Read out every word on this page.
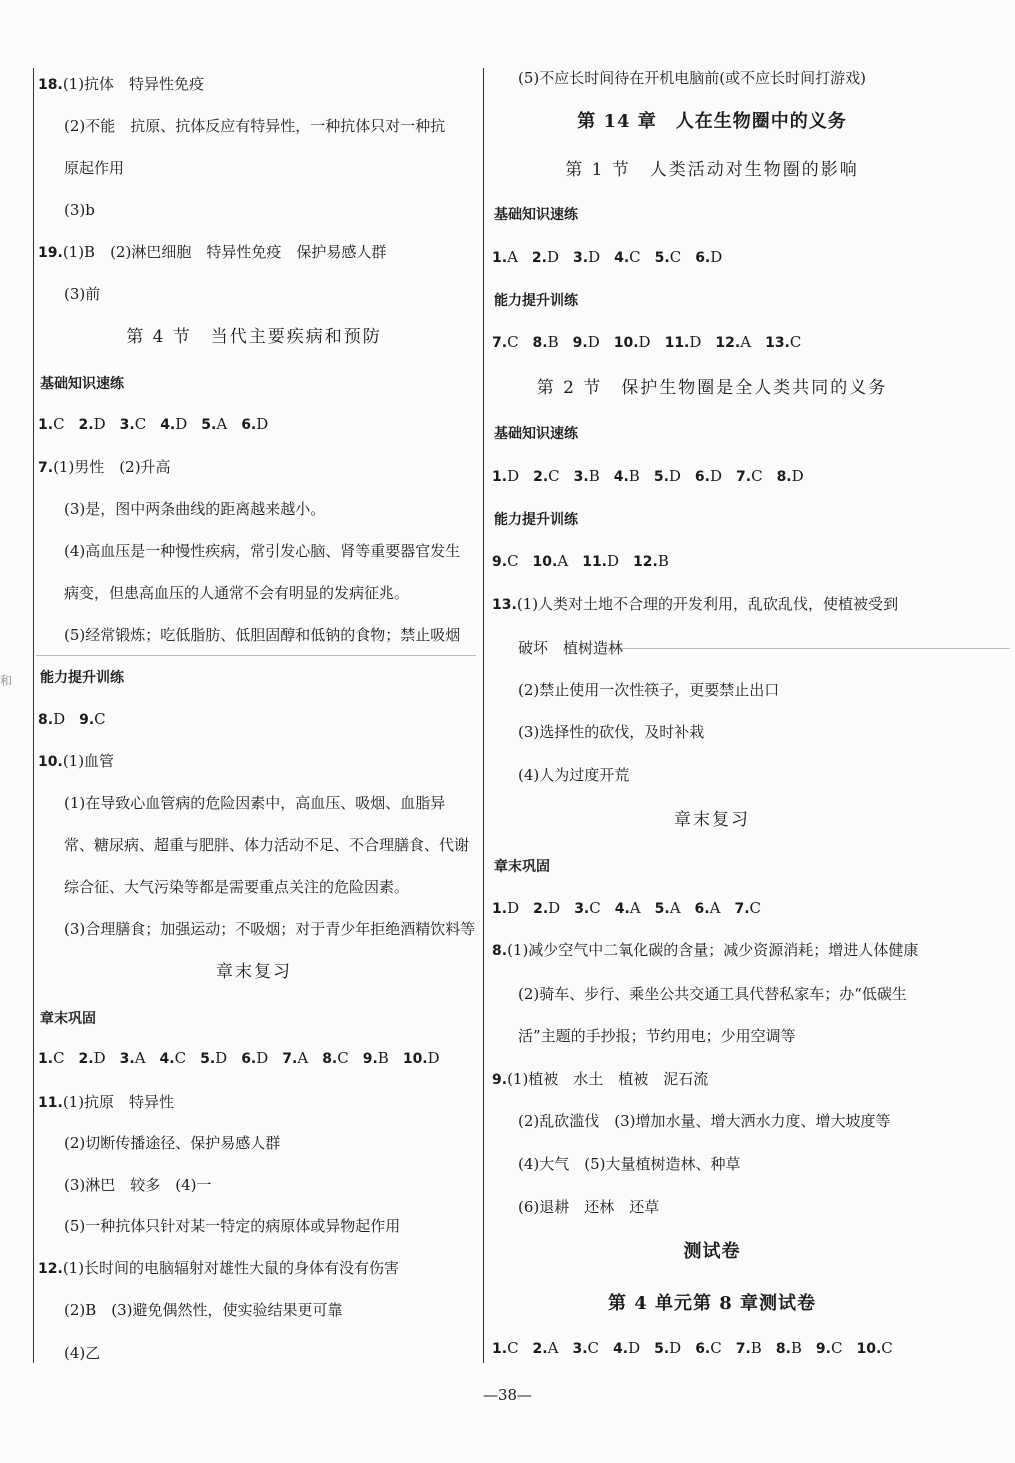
和
18.(1)抗体　特异性免疫
(2)不能　抗原、抗体反应有特异性，一种抗体只对一种抗
原起作用
(3)b
19.(1)B　(2)淋巴细胞　特异性免疫　保护易感人群
(3)前
第 4 节　当代主要疾病和预防
基础知识速练
1.C 2.D 3.C 4.D 5.A 6.D
7.(1)男性　(2)升高
(3)是，图中两条曲线的距离越来越小。
(4)高血压是一种慢性疾病，常引发心脑、肾等重要器官发生
病变，但患高血压的人通常不会有明显的发病征兆。
(5)经常锻炼；吃低脂肪、低胆固醇和低钠的食物；禁止吸烟
能力提升训练
8.D 9.C
10.(1)血管
(1)在导致心血管病的危险因素中，高血压、吸烟、血脂异
常、糖尿病、超重与肥胖、体力活动不足、不合理膳食、代谢
综合征、大气污染等都是需要重点关注的危险因素。
(3)合理膳食；加强运动；不吸烟；对于青少年拒绝酒精饮料等
章末复习
章末巩固
1.C 2.D 3.A 4.C 5.D 6.D 7.A 8.C 9.B 10.D
11.(1)抗原　特异性
(2)切断传播途径、保护易感人群
(3)淋巴　较多　(4)一
(5)一种抗体只针对某一特定的病原体或异物起作用
12.(1)长时间的电脑辐射对雄性大鼠的身体有没有伤害
(2)B　(3)避免偶然性，使实验结果更可靠
(4)乙
(5)不应长时间待在开机电脑前(或不应长时间打游戏)
第 14 章　人在生物圈中的义务
第 1 节　人类活动对生物圈的影响
基础知识速练
1.A 2.D 3.D 4.C 5.C 6.D
能力提升训练
7.C 8.B 9.D 10.D 11.D 12.A 13.C
第 2 节　保护生物圈是全人类共同的义务
基础知识速练
1.D 2.C 3.B 4.B 5.D 6.D 7.C 8.D
能力提升训练
9.C 10.A 11.D 12.B
13.(1)人类对土地不合理的开发利用，乱砍乱伐，使植被受到
破坏　植树造林
(2)禁止使用一次性筷子，更要禁止出口
(3)选择性的砍伐，及时补栽
(4)人为过度开荒
章末复习
章末巩固
1.D 2.D 3.C 4.A 5.A 6.A 7.C
8.(1)减少空气中二氧化碳的含量；减少资源消耗；增进人体健康
(2)骑车、步行、乘坐公共交通工具代替私家车；办“低碳生
活”主题的手抄报；节约用电；少用空调等
9.(1)植被　水土　植被　泥石流
(2)乱砍滥伐　(3)增加水量、增大洒水力度、增大坡度等
(4)大气　(5)大量植树造林、种草
(6)退耕　还林　还草
测试卷
第 4 单元第 8 章测试卷
1.C 2.A 3.C 4.D 5.D 6.C 7.B 8.B 9.C 10.C
—38—
